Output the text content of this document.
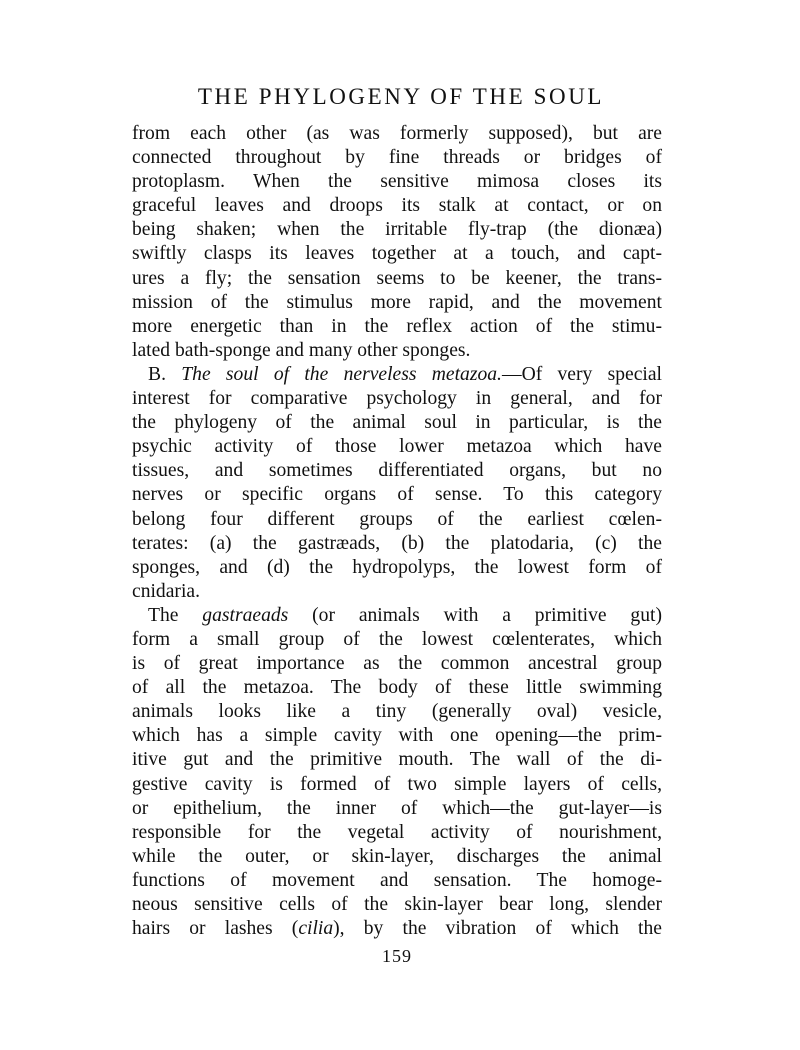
THE PHYLOGENY OF THE SOUL

from each other (as was formerly supposed), but are
connected throughout by fine threads or bridges of
protoplasm. When the sensitive mimosa closes its
graceful leaves and droops its stalk at contact, or on
being shaken; when the irritable fly-trap (the dionæa)
swiftly clasps its leaves together at a touch, and capt-
ures a fly; the sensation seems to be keener, the trans-
mission of the stimulus more rapid, and the movement
more energetic than in the reflex action of the stimu-
lated bath-sponge and many other sponges.

B. The soul of the nerveless metazoa.—Of very special
interest for comparative psychology in general, and for
the phylogeny of the animal soul in particular, is the
psychic activity of those lower metazoa which have
tissues, and sometimes differentiated organs, but no
nerves or specific organs of sense. To this category
belong four different groups of the earliest cœlen-
terates: (a) the gastræads, (b) the platodaria, (c) the
sponges, and (d) the hydropolyps, the lowest form of
cnidaria.

The gastraeads (or animals with a primitive gut)
form a small group of the lowest cœlenterates, which
is of great importance as the common ancestral group
of all the metazoa. The body of these little swimming
animals looks like a tiny (generally oval) vesicle,
which has a simple cavity with one opening—the prim-
itive gut and the primitive mouth. The wall of the di-
gestive cavity is formed of two simple layers of cells,
or epithelium, the inner of which—the gut-layer—is
responsible for the vegetal activity of nourishment,
while the outer, or skin-layer, discharges the animal
functions of movement and sensation. The homoge-
neous sensitive cells of the skin-layer bear long, slender
hairs or lashes (cilia), by the vibration of which the

159
